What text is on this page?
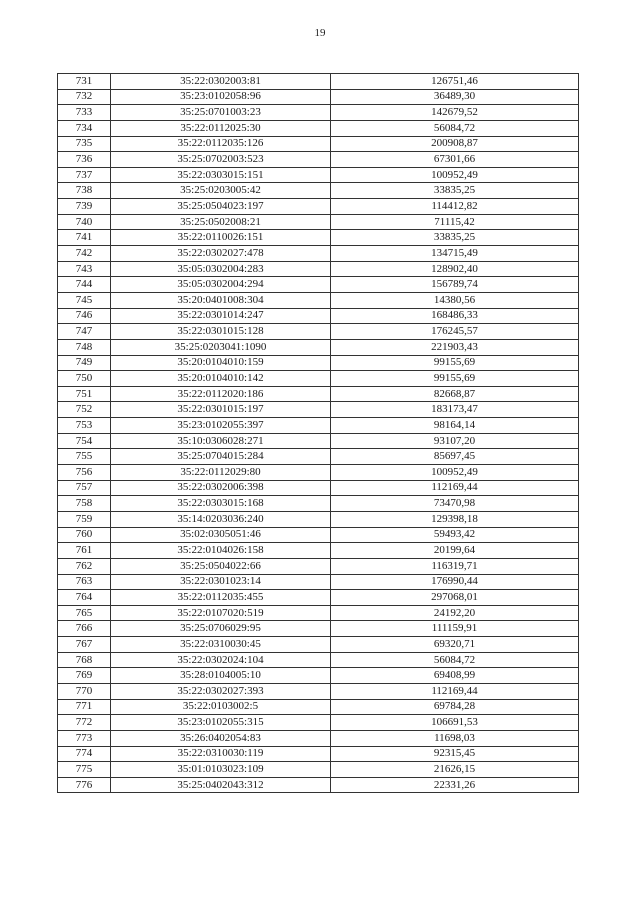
19
731	35:22:0302003:81	126751,46
732	35:23:0102058:96	36489,30
733	35:25:0701003:23	142679,52
734	35:22:0112025:30	56084,72
735	35:22:0112035:126	200908,87
736	35:25:0702003:523	67301,66
737	35:22:0303015:151	100952,49
738	35:25:0203005:42	33835,25
739	35:25:0504023:197	114412,82
740	35:25:0502008:21	71115,42
741	35:22:0110026:151	33835,25
742	35:22:0302027:478	134715,49
743	35:05:0302004:283	128902,40
744	35:05:0302004:294	156789,74
745	35:20:0401008:304	14380,56
746	35:22:0301014:247	168486,33
747	35:22:0301015:128	176245,57
748	35:25:0203041:1090	221903,43
749	35:20:0104010:159	99155,69
750	35:20:0104010:142	99155,69
751	35:22:0112020:186	82668,87
752	35:22:0301015:197	183173,47
753	35:23:0102055:397	98164,14
754	35:10:0306028:271	93107,20
755	35:25:0704015:284	85697,45
756	35:22:0112029:80	100952,49
757	35:22:0302006:398	112169,44
758	35:22:0303015:168	73470,98
759	35:14:0203036:240	129398,18
760	35:02:0305051:46	59493,42
761	35:22:0104026:158	20199,64
762	35:25:0504022:66	116319,71
763	35:22:0301023:14	176990,44
764	35:22:0112035:455	297068,01
765	35:22:0107020:519	24192,20
766	35:25:0706029:95	111159,91
767	35:22:0310030:45	69320,71
768	35:22:0302024:104	56084,72
769	35:28:0104005:10	69408,99
770	35:22:0302027:393	112169,44
771	35:22:0103002:5	69784,28
772	35:23:0102055:315	106691,53
773	35:26:0402054:83	11698,03
774	35:22:0310030:119	92315,45
775	35:01:0103023:109	21626,15
776	35:25:0402043:312	22331,26
